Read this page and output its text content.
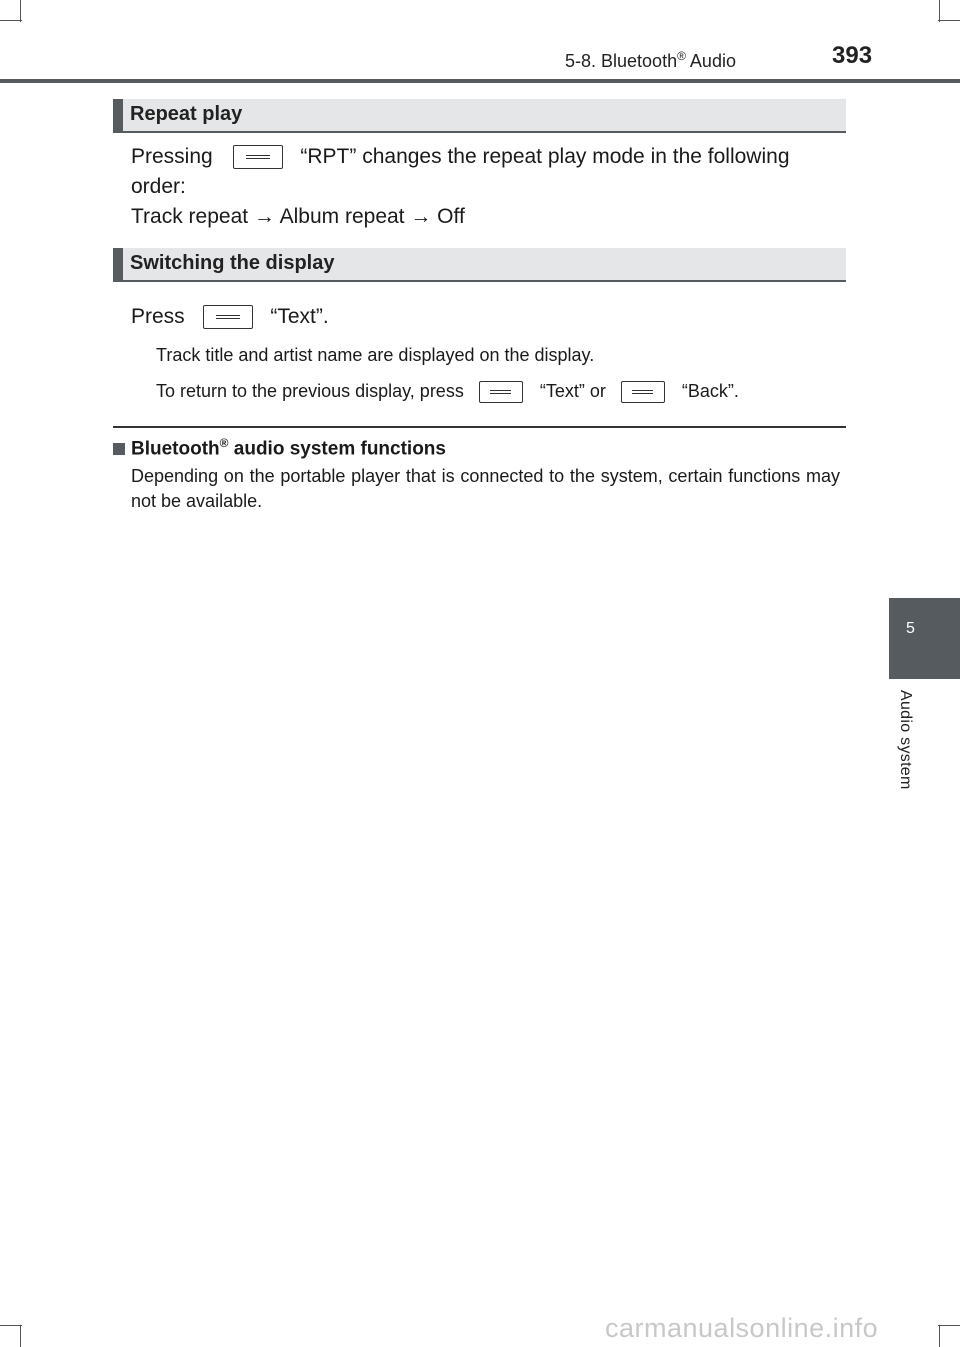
5-8. Bluetooth® Audio	393
Repeat play
Pressing	“RPT” changes the repeat play mode in the following
order:
Track repeat → Album repeat → Off
Switching the display
Press	“Text”.
Track title and artist name are displayed on the display.
To return to the previous display, press	“Text” or	“Back”.
Bluetooth® audio system functions
Depending on the portable player that is connected to the system, certain functions may not be available.
5
Audio system
carmanualsonline.info
